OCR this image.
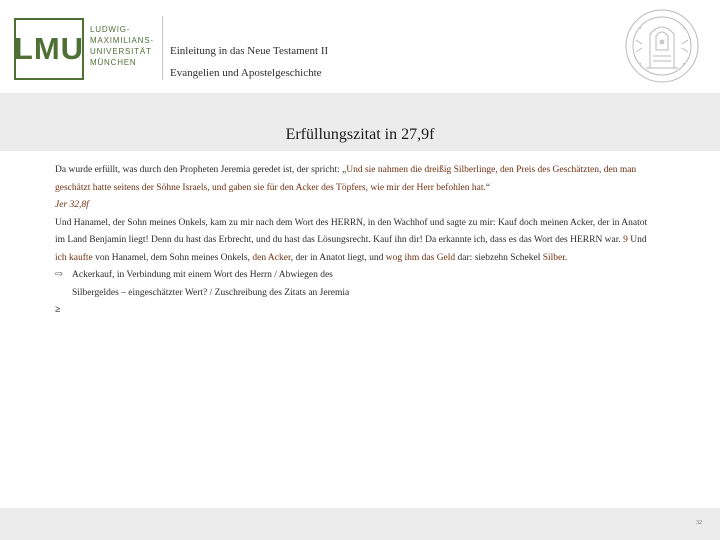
LMU
LUDWIG-
MAXIMILIANS-
UNIVERSITÄT
MÜNCHEN
Einleitung in das Neue Testament II
Evangelien und Apostelgeschichte
Erfüllungszitat in 27,9f

Da wurde erfüllt, was durch den Propheten Jeremia geredet ist, der spricht: „Und sie nahmen die dreißig Silberlinge, den Preis des Geschätzten, den man geschätzt hatte seitens der Söhne Israels, und gaben sie für den Acker des Töpfers, wie mir der Herr befohlen hat.“

Jer 32,8f

Und Hanamel, der Sohn meines Onkels, kam zu mir nach dem Wort des HERRN, in den Wachhof und sagte zu mir: Kauf doch meinen Acker, der in Anatot im Land Benjamin liegt! Denn du hast das Erbrecht, und du hast das Lösungsrecht. Kauf ihn dir! Da erkannte ich, dass es das Wort des HERRN war. 9 Und ich kaufte von Hanamel, dem Sohn meines Onkels, den Acker, der in Anatot liegt, und wog ihm das Geld dar: siebzehn Schekel Silber.

⇨ Ackerkauf, in Verbindung mit einem Wort des Herrn / Abwiegen des

Silbergeldes – eingeschätzter Wert? / Zuschreibung des Zitats an Jeremia

≥

32
